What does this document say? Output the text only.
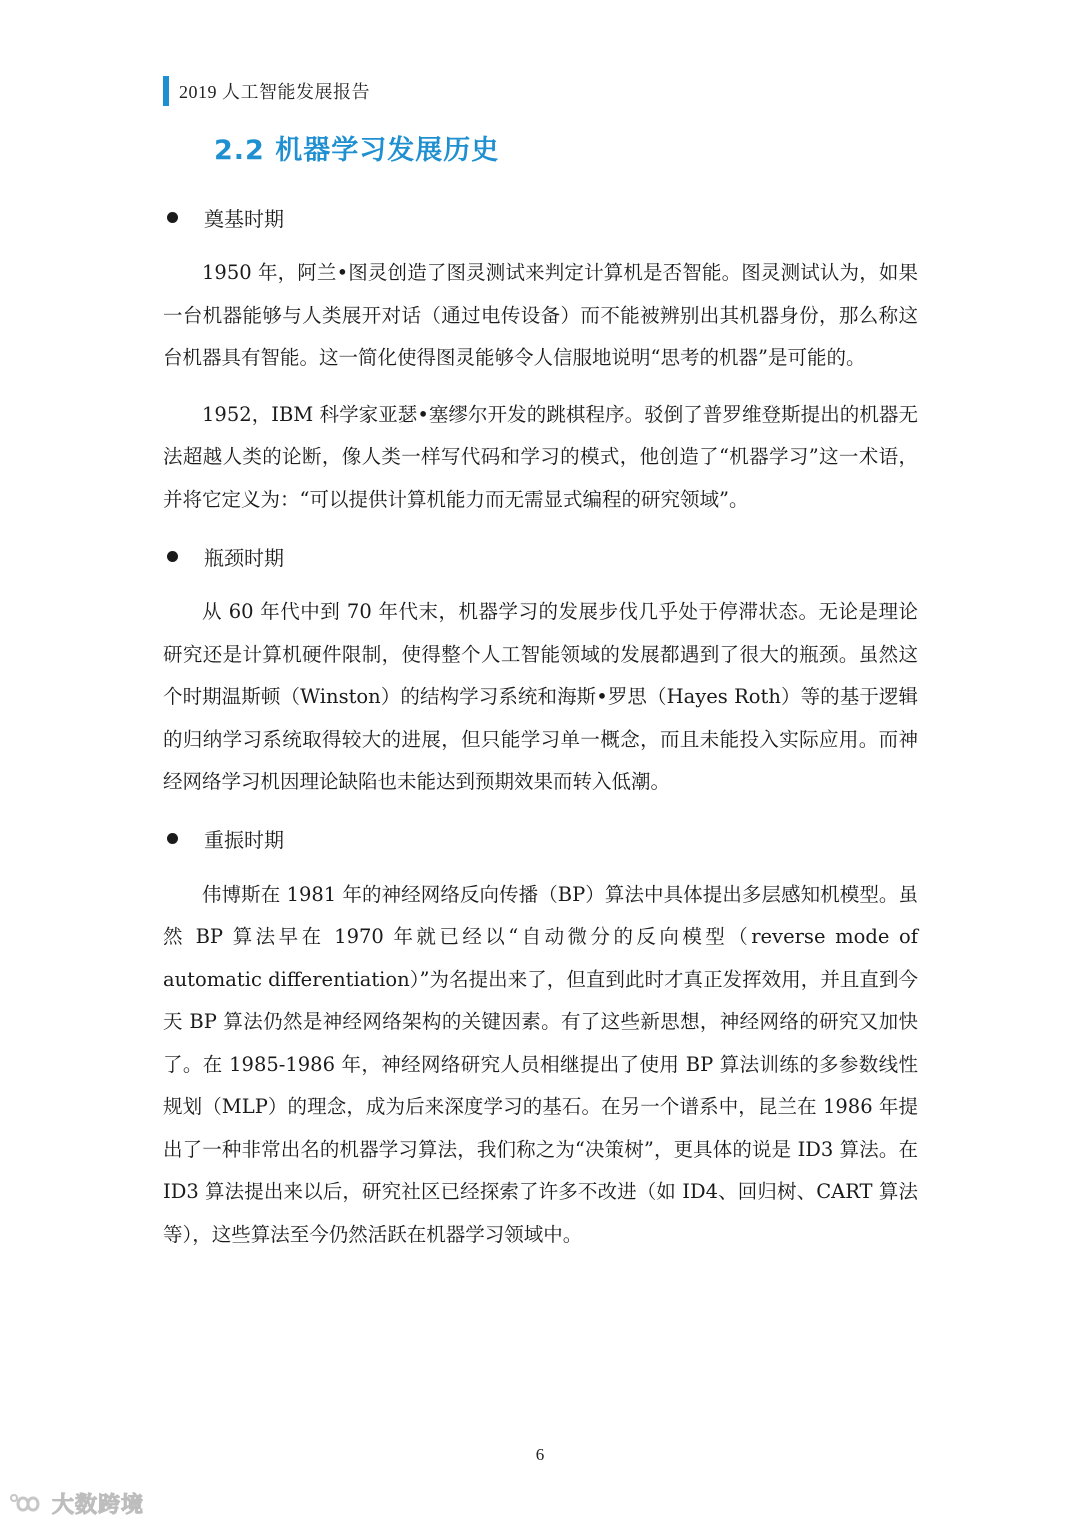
2019 人工智能发展报告
2.2 机器学习发展历史
奠基时期

1950 年，阿兰•图灵创造了图灵测试来判定计算机是否智能。图灵测试认为，如果一台机器能够与人类展开对话（通过电传设备）而不能被辨别出其机器身份，那么称这台机器具有智能。这一简化使得图灵能够令人信服地说明“思考的机器”是可能的。

1952，IBM 科学家亚瑟•塞缪尔开发的跳棋程序。驳倒了普罗维登斯提出的机器无法超越人类的论断，像人类一样写代码和学习的模式，他创造了“机器学习”这一术语，并将它定义为：“可以提供计算机能力而无需显式编程的研究领域”。

瓶颈时期

从 60 年代中到 70 年代末，机器学习的发展步伐几乎处于停滞状态。无论是理论研究还是计算机硬件限制，使得整个人工智能领域的发展都遇到了很大的瓶颈。虽然这个时期温斯顿（Winston）的结构学习系统和海斯•罗思（Hayes Roth）等的基于逻辑的归纳学习系统取得较大的进展，但只能学习单一概念，而且未能投入实际应用。而神经网络学习机因理论缺陷也未能达到预期效果而转入低潮。

重振时期

伟博斯在 1981 年的神经网络反向传播（BP）算法中具体提出多层感知机模型。虽然 BP 算法早在 1970 年就已经以“自动微分的反向模型（reverse mode of automatic differentiation）”为名提出来了，但直到此时才真正发挥效用，并且直到今天 BP 算法仍然是神经网络架构的关键因素。有了这些新思想，神经网络的研究又加快了。在 1985-1986 年，神经网络研究人员相继提出了使用 BP 算法训练的多参数线性规划（MLP）的理念，成为后来深度学习的基石。在另一个谱系中，昆兰在 1986 年提出了一种非常出名的机器学习算法，我们称之为“决策树”，更具体的说是 ID3 算法。在 ID3 算法提出来以后，研究社区已经探索了许多不改进（如 ID4、回归树、CART 算法等），这些算法至今仍然活跃在机器学习领域中。

6
大数跨境
